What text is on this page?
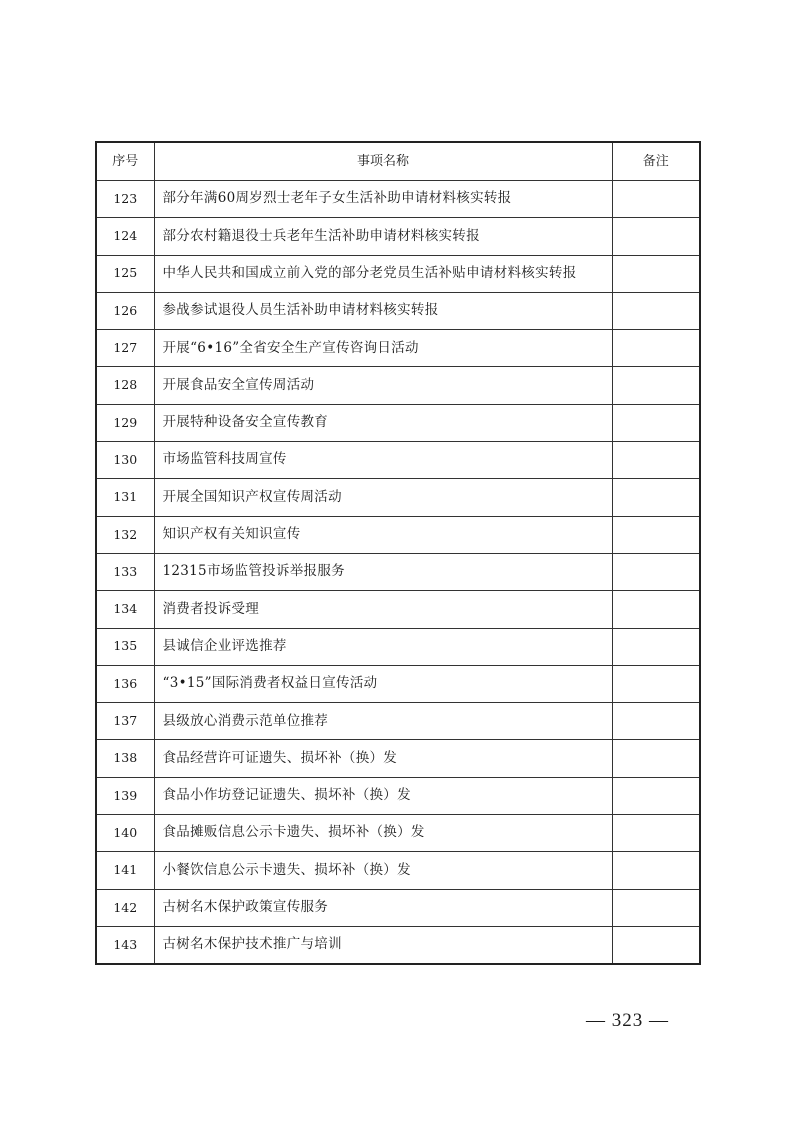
序号	事项名称	备注
123	部分年满60周岁烈士老年子女生活补助申请材料核实转报	
124	部分农村籍退役士兵老年生活补助申请材料核实转报	
125	中华人民共和国成立前入党的部分老党员生活补贴申请材料核实转报	
126	参战参试退役人员生活补助申请材料核实转报	
127	开展“6•16”全省安全生产宣传咨询日活动	
128	开展食品安全宣传周活动	
129	开展特种设备安全宣传教育	
130	市场监管科技周宣传	
131	开展全国知识产权宣传周活动	
132	知识产权有关知识宣传	
133	12315市场监管投诉举报服务	
134	消费者投诉受理	
135	县诚信企业评选推荐	
136	“3•15”国际消费者权益日宣传活动	
137	县级放心消费示范单位推荐	
138	食品经营许可证遗失、损坏补（换）发	
139	食品小作坊登记证遗失、损坏补（换）发	
140	食品摊贩信息公示卡遗失、损坏补（换）发	
141	小餐饮信息公示卡遗失、损坏补（换）发	
142	古树名木保护政策宣传服务	
143	古树名木保护技术推广与培训	
— 323 —
